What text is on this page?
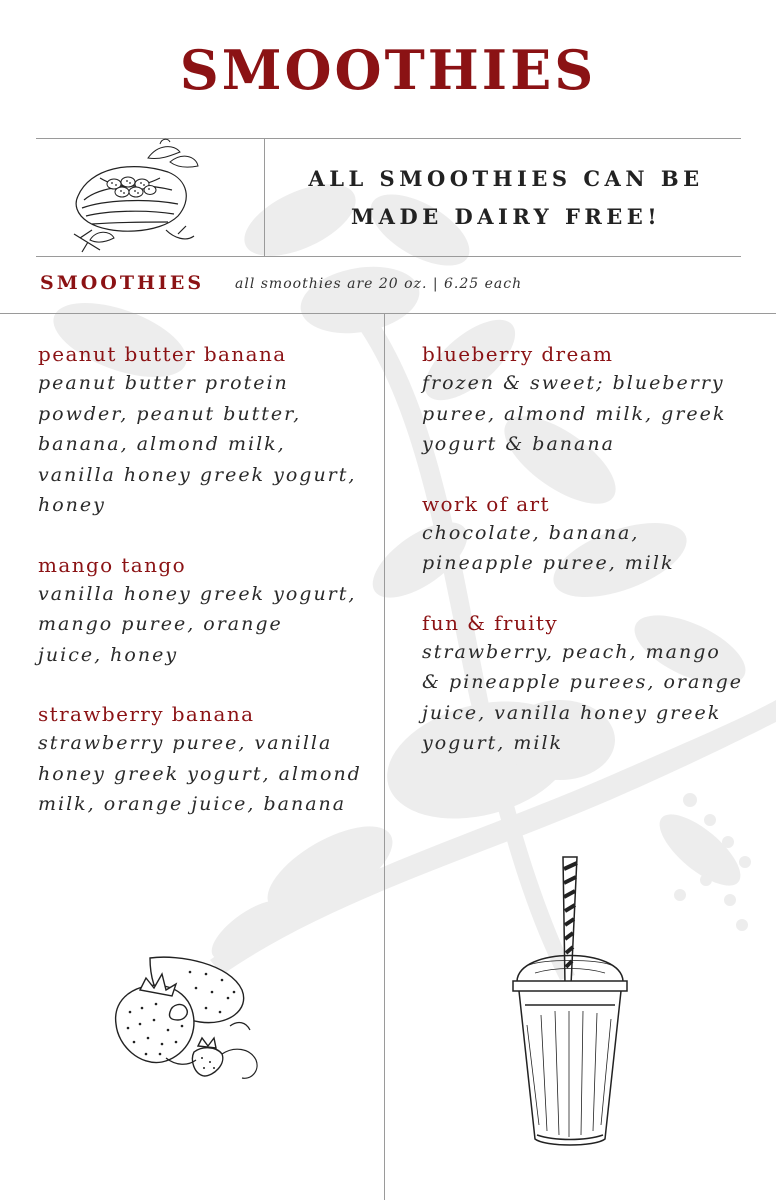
SMOOTHIES
ALL SMOOTHIES CAN BE
MADE DAIRY FREE!
SMOOTHIES all smoothies are 20 oz. | 6.25 each
peanut butter banana
peanut butter protein
powder, peanut butter,
banana, almond milk,
vanilla honey greek yogurt,
honey
mango tango
vanilla honey greek yogurt,
mango puree, orange
juice, honey
strawberry banana
strawberry puree, vanilla
honey greek yogurt, almond
milk, orange juice, banana
blueberry dream
frozen & sweet; blueberry
puree, almond milk, greek
yogurt & banana
work of art
chocolate, banana,
pineapple puree, milk
fun & fruity
strawberry, peach, mango
& pineapple purees, orange
juice, vanilla honey greek
yogurt, milk
